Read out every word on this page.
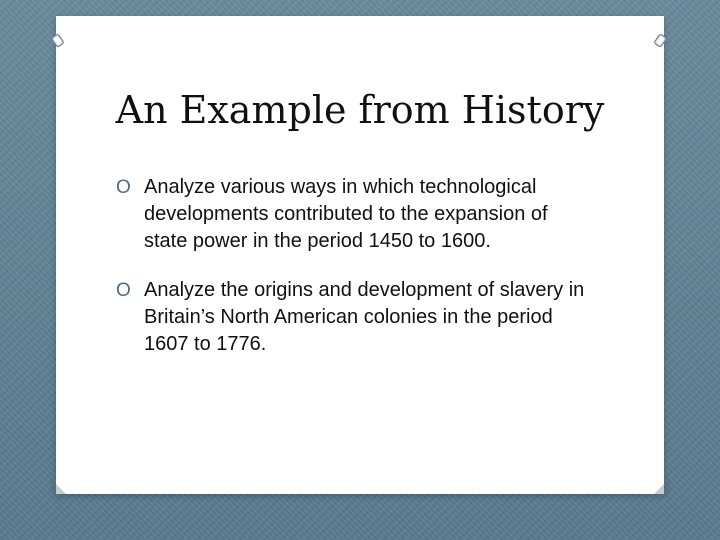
An Example from History
O Analyze various ways in which technological developments contributed to the expansion of state power in the period 1450 to 1600.
O Analyze the origins and development of slavery in Britain’s North American colonies in the period 1607 to 1776.
